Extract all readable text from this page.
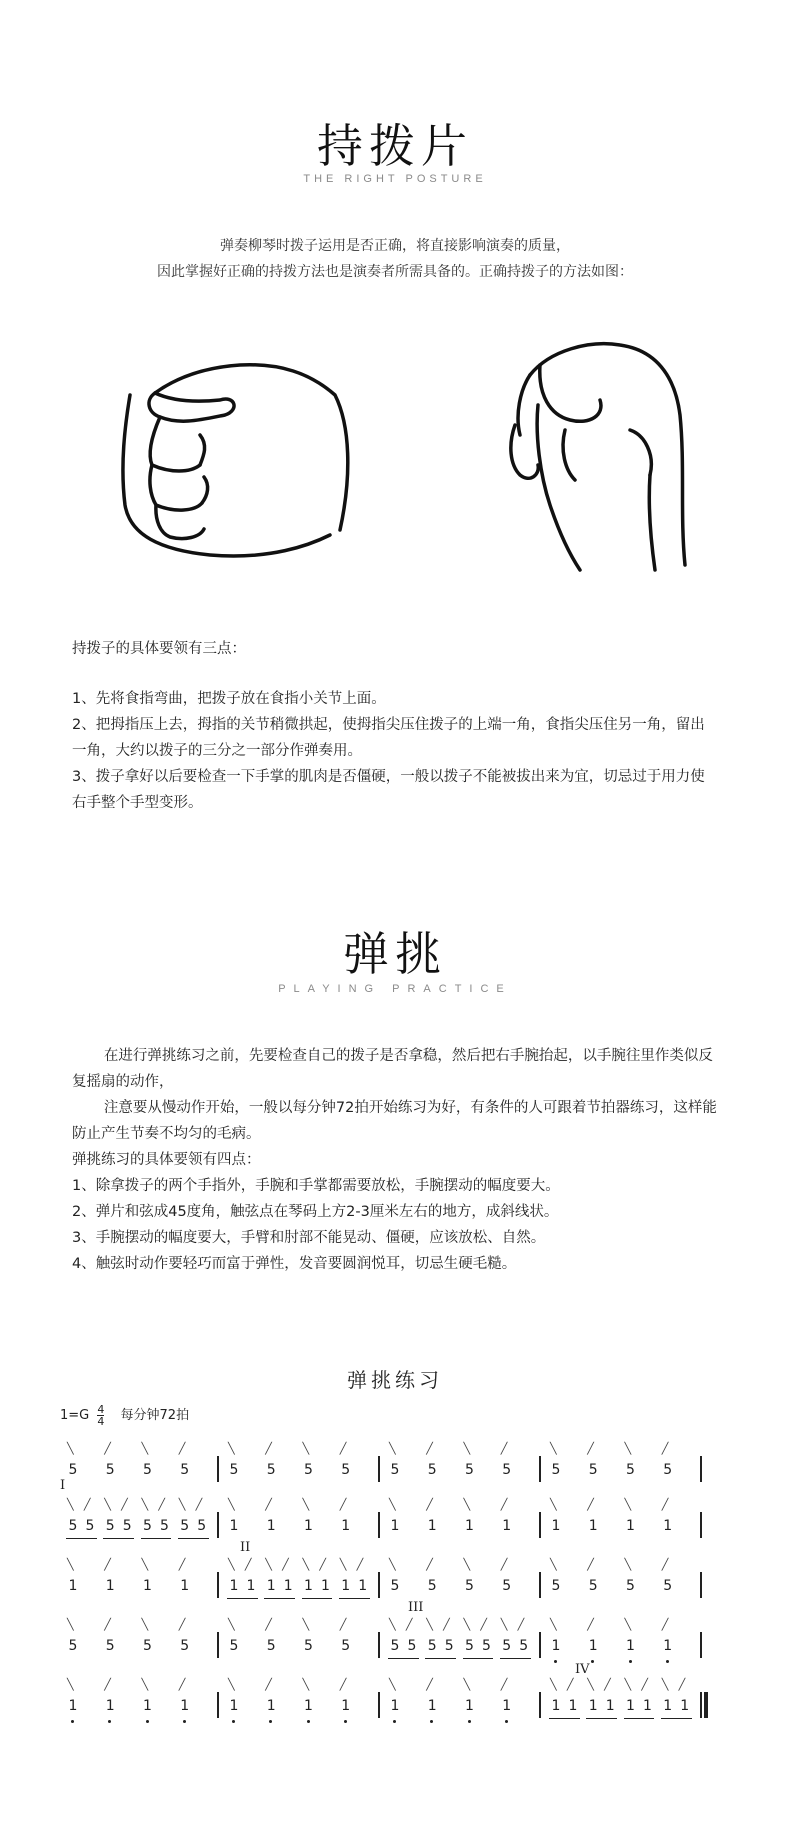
持拨片
THE RIGHT POSTURE
弹奏柳琴时拨子运用是否正确，将直接影响演奏的质量，
因此掌握好正确的持拨方法也是演奏者所需具备的。正确持拨子的方法如图：

持拨子的具体要领有三点：

1、先将食指弯曲，把拨子放在食指小关节上面。

2、把拇指压上去，拇指的关节稍微拱起，使拇指尖压住拨子的上端一角，食指尖压住另一角，留出一角，大约以拨子的三分之一部分作弹奏用。

3、拨子拿好以后要检查一下手掌的肌肉是否僵硬，一般以拨子不能被拔出来为宜，切忌过于用力使右手整个手型变形。

弹挑
PLAYING PRACTICE

在进行弹挑练习之前，先要检查自己的拨子是否拿稳，然后把右手腕抬起，以手腕往里作类似反复摇扇的动作，

注意要从慢动作开始，一般以每分钟72拍开始练习为好，有条件的人可跟着节拍器练习，这样能防止产生节奏不均匀的毛病。

弹挑练习的具体要领有四点：

1、除拿拨子的两个手指外，手腕和手掌都需要放松，手腕摆动的幅度要大。

2、弹片和弦成45度角，触弦点在琴码上方2-3厘米左右的地方，成斜线状。

3、手腕摆动的幅度要大，手臂和肘部不能晃动、僵硬，应该放松、自然。

4、触弦时动作要轻巧而富于弹性，发音要圆润悦耳，切忌生硬毛糙。

弹挑练习
$1=G \frac{4}{4}$ 每分钟72拍
5
╲
5
╱
5
╲
5
╱
5
╲
5
╱
5
╲
5
╱
5
╲
5
╱
5
╲
5
╱
5
╲
5
╱
5
╲
5
╱
5
╲
5
╱
5
╲
5
╱
5
╲
5
╱
5
╲
5
╱
1
╲
1
╱
1
╲
1
╱
1
╲
1
╱
1
╲
1
╱
1
╲
1
╱
1
╲
1
╱
1
╲
1
╱
1
╲
1
╱
1
╲
1
╱
1
╲
1
╱
1
╲
1
╱
1
╲
1
╱
5
╲
5
╱
5
╲
5
╱
5
╲
5
╱
5
╲
5
╱
5
╲
5
╱
5
╲
5
╱
5
╲
5
╱
5
╲
5
╱
5
╲
5
╱
5
╲
5
╱
5
╲
5
╱
5
╲
5
╱
1
╲
1
╱
1
╲
1
╱
1
╲
1
╱
1
╲
1
╱
1
╲
1
╱
1
╲
1
╱
1
╲
1
╱
1
╲
1
╱
1
╲
1
╱
1
╲
1
╱
1
╲
1
╱
1
╲
1
╱
I
II
III
IV
